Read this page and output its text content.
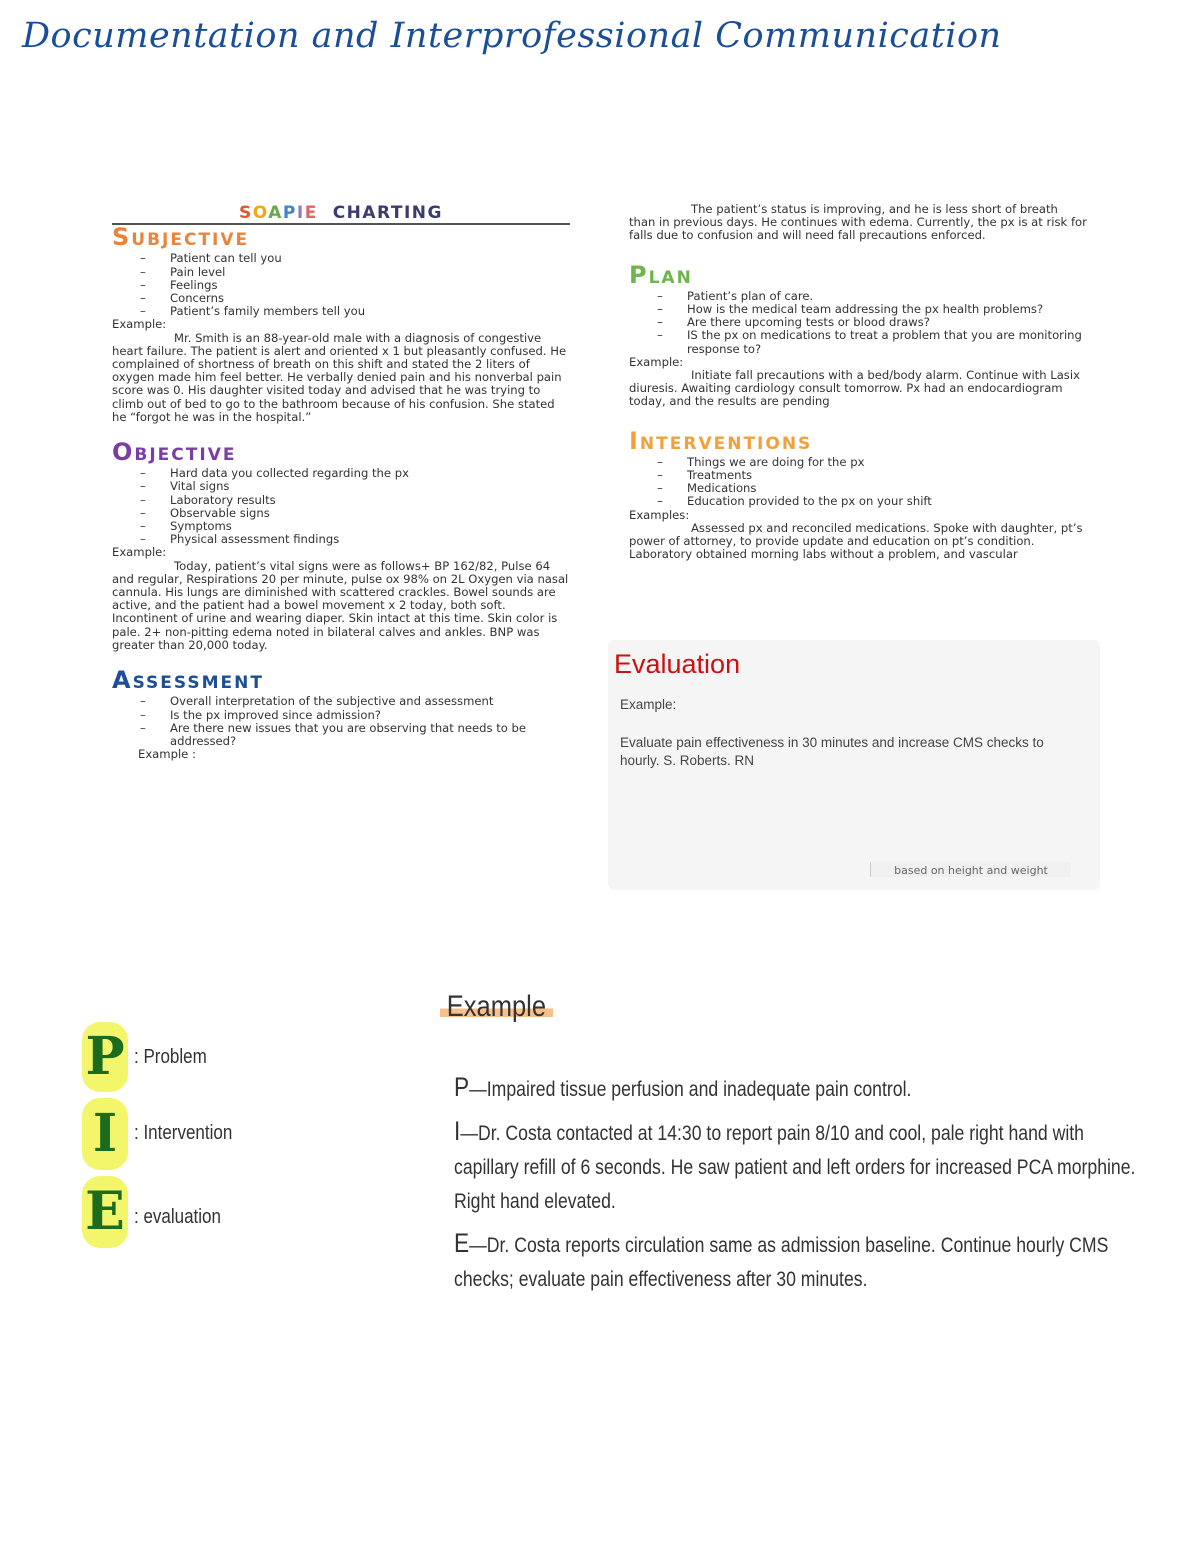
Documentation and Interprofessional Communication
SOAPIE CHARTING
Subjective
– Patient can tell you
– Pain level
– Feelings
– Concerns
– Patient’s family members tell you

Example:

Mr. Smith is an 88-year-old male with a diagnosis of congestive heart failure. The patient is alert and oriented x 1 but pleasantly confused. He complained of shortness of breath on this shift and stated the 2 liters of oxygen made him feel better. He verbally denied pain and his nonverbal pain score was 0. His daughter visited today and advised that he was trying to climb out of bed to go to the bathroom because of his confusion. She stated he “forgot he was in the hospital.”

Objective
– Hard data you collected regarding the px
– Vital signs
– Laboratory results
– Observable signs
– Symptoms
– Physical assessment findings

Example:

Today, patient’s vital signs were as follows+ BP 162/82, Pulse 64 and regular, Respirations 20 per minute, pulse ox 98% on 2L Oxygen via nasal cannula. His lungs are diminished with scattered crackles. Bowel sounds are active, and the patient had a bowel movement x 2 today, both soft. Incontinent of urine and wearing diaper. Skin intact at this time. Skin color is pale. 2+ non-pitting edema noted in bilateral calves and ankles. BNP was greater than 20,000 today.

Assessment
– Overall interpretation of the subjective and assessment
– Is the px improved since admission?
– Are there new issues that you are observing that needs to be addressed?

Example :

The patient’s status is improving, and he is less short of breath than in previous days. He continues with edema. Currently, the px is at risk for falls due to confusion and will need fall precautions enforced.

Plan
– Patient’s plan of care.
– How is the medical team addressing the px health problems?
– Are there upcoming tests or blood draws?
– IS the px on medications to treat a problem that you are monitoring response to?

Example:

Initiate fall precautions with a bed/body alarm. Continue with Lasix diuresis. Awaiting cardiology consult tomorrow. Px had an endocardiogram today, and the results are pending

Interventions
– Things we are doing for the px
– Treatments
– Medications
– Education provided to the px on your shift

Examples:

Assessed px and reconciled medications. Spoke with daughter, pt’s power of attorney, to provide update and education on pt’s condition. Laboratory obtained morning labs without a problem, and vascular

Evaluation
Example:
Evaluate pain effectiveness in 30 minutes and increase CMS checks to hourly. S. Roberts. RN
based on height and weight
P : Problem
I : Intervention
E : evaluation
Example
P—Impaired tissue perfusion and inadequate pain control.
I—Dr. Costa contacted at 14:30 to report pain 8/10 and cool, pale right hand with
capillary refill of 6 seconds. He saw patient and left orders for increased PCA morphine.
Right hand elevated.
E—Dr. Costa reports circulation same as admission baseline. Continue hourly CMS
checks; evaluate pain effectiveness after 30 minutes.
